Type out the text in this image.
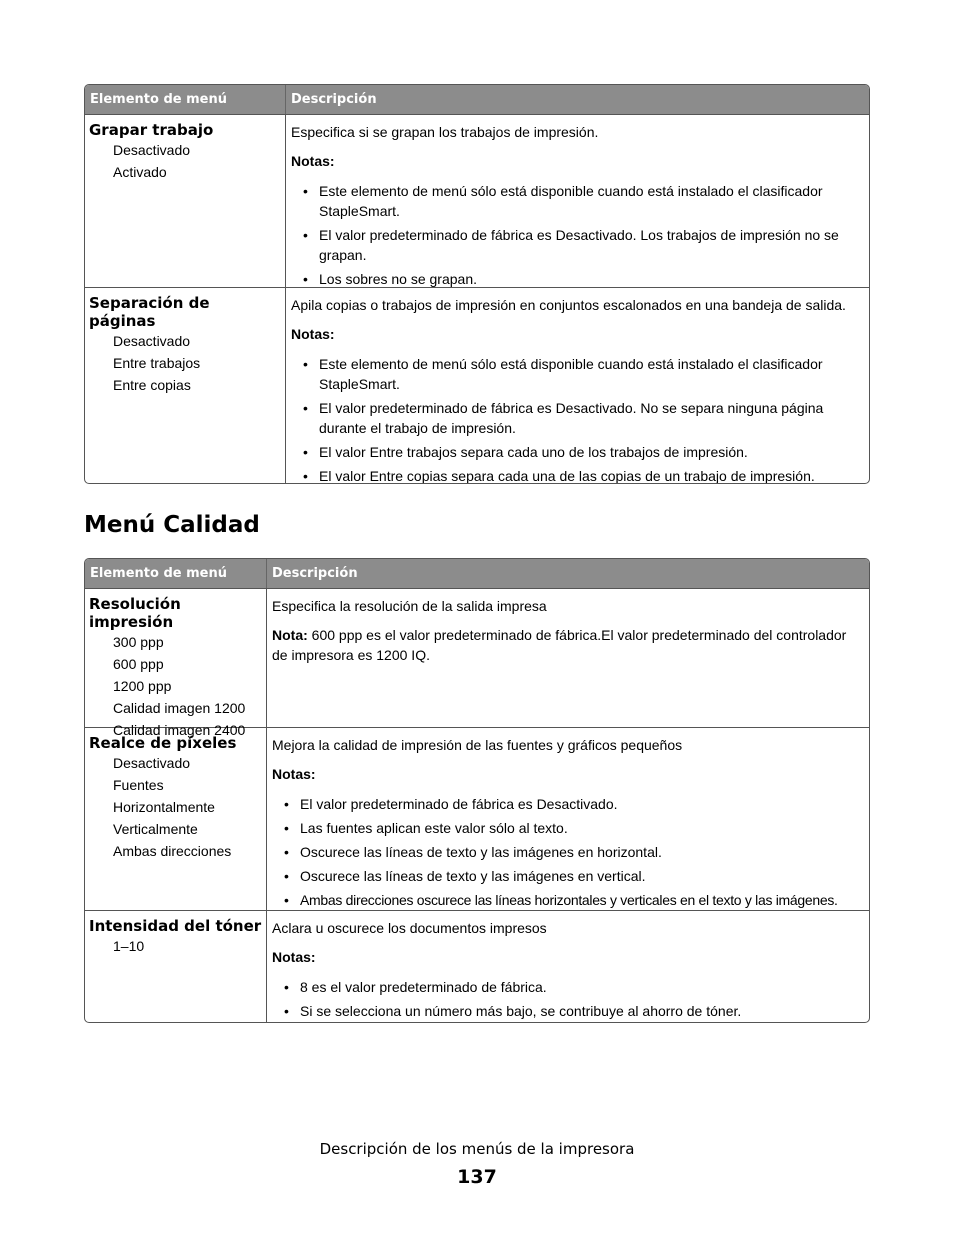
Elemento de menú	Descripción
Grapar trabajo
Desactivado
Activado
Especifica si se grapan los trabajos de impresión.
Notas:
• Este elemento de menú sólo está disponible cuando está instalado el clasificador StapleSmart.
• El valor predeterminado de fábrica es Desactivado. Los trabajos de impresión no se grapan.
• Los sobres no se grapan.
Separación de páginas
Desactivado
Entre trabajos
Entre copias
Apila copias o trabajos de impresión en conjuntos escalonados en una bandeja de salida.
Notas:
• Este elemento de menú sólo está disponible cuando está instalado el clasificador StapleSmart.
• El valor predeterminado de fábrica es Desactivado. No se separa ninguna página durante el trabajo de impresión.
• El valor Entre trabajos separa cada uno de los trabajos de impresión.
• El valor Entre copias separa cada una de las copias de un trabajo de impresión.
Menú Calidad
Elemento de menú	Descripción
Resolución impresión
300 ppp
600 ppp
1200 ppp
Calidad imagen 1200
Calidad imagen 2400
Especifica la resolución de la salida impresa
Nota: 600 ppp es el valor predeterminado de fábrica.El valor predeterminado del controlador de impresora es 1200 IQ.
Realce de píxeles
Desactivado
Fuentes
Horizontalmente
Verticalmente
Ambas direcciones
Mejora la calidad de impresión de las fuentes y gráficos pequeños
Notas:
• El valor predeterminado de fábrica es Desactivado.
• Las fuentes aplican este valor sólo al texto.
• Oscurece las líneas de texto y las imágenes en horizontal.
• Oscurece las líneas de texto y las imágenes en vertical.
• Ambas direcciones oscurece las líneas horizontales y verticales en el texto y las imágenes.
Intensidad del tóner
1–10
Aclara u oscurece los documentos impresos
Notas:
• 8 es el valor predeterminado de fábrica.
• Si se selecciona un número más bajo, se contribuye al ahorro de tóner.
Descripción de los menús de la impresora
137
